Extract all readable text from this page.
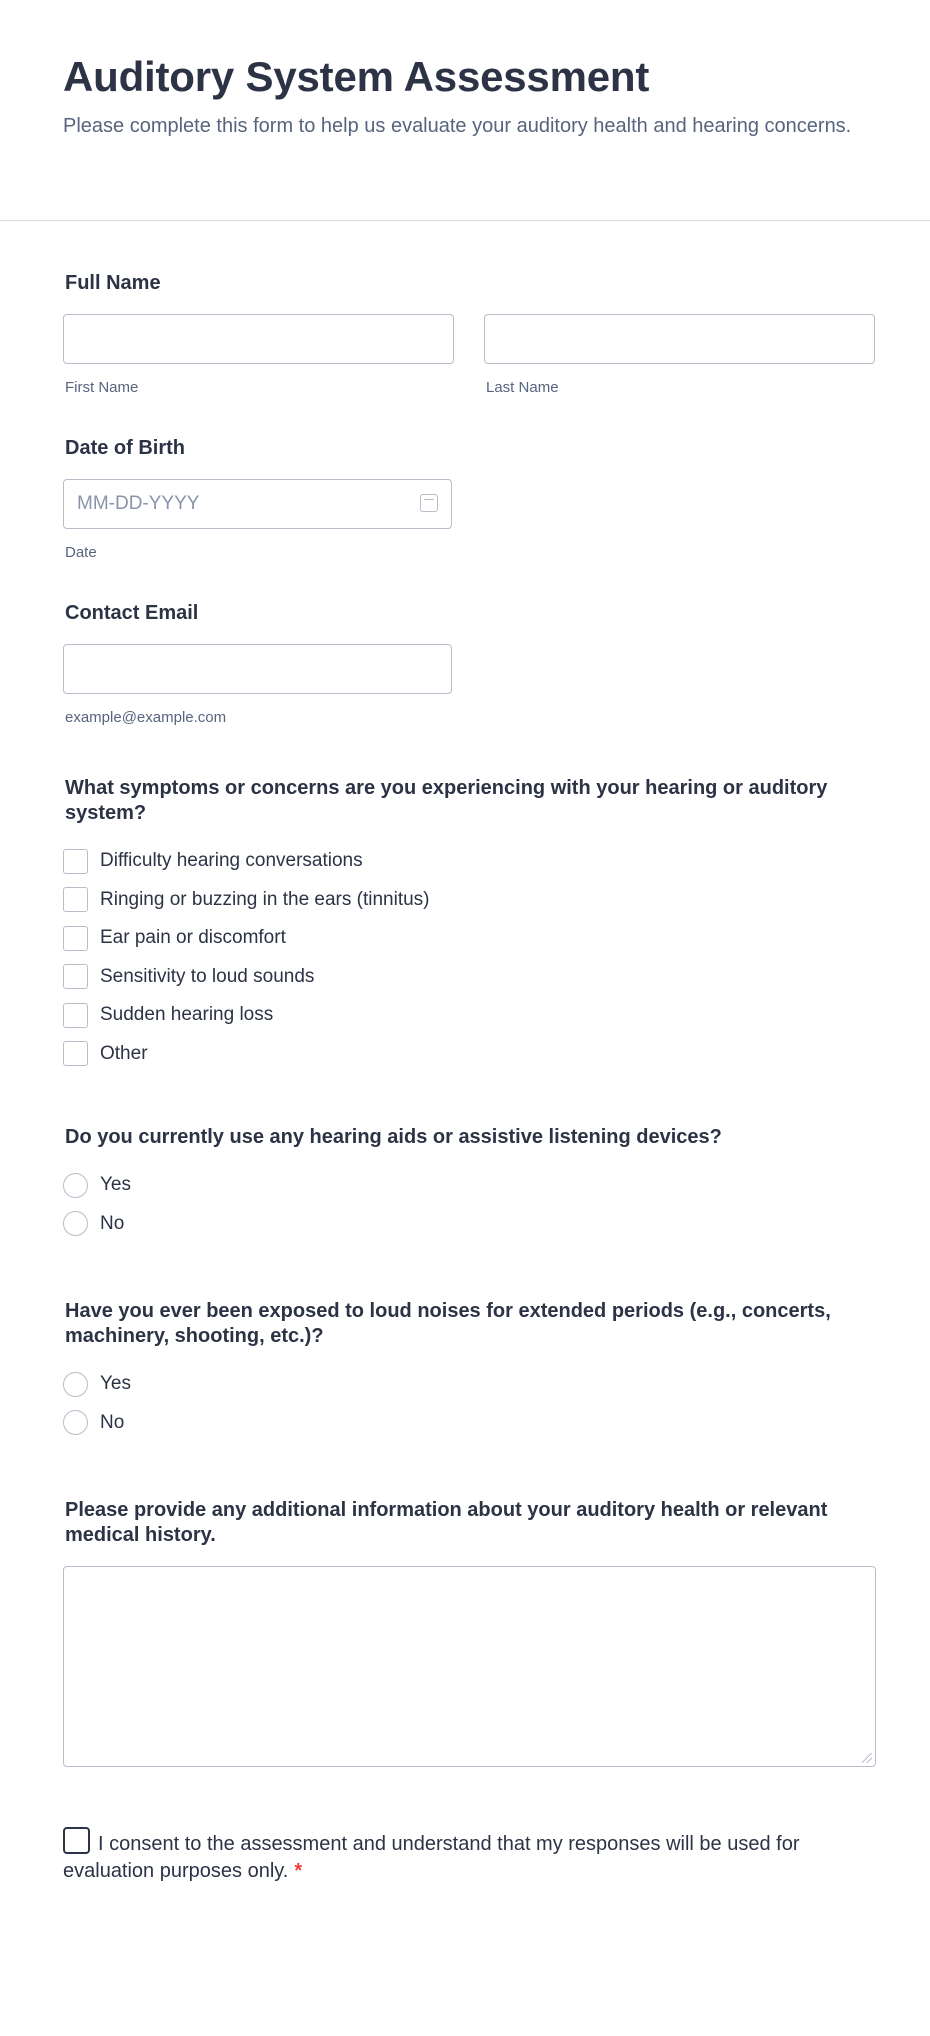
Auditory System Assessment

Please complete this form to help us evaluate your auditory health and hearing concerns.

Full Name
First Name	Last Name
Date of Birth
MM-DD-YYYY
Date
Contact Email
example@example.com
What symptoms or concerns are you experiencing with your hearing or auditory system?
Difficulty hearing conversations
Ringing or buzzing in the ears (tinnitus)
Ear pain or discomfort
Sensitivity to loud sounds
Sudden hearing loss
Other
Do you currently use any hearing aids or assistive listening devices?
Yes
No
Have you ever been exposed to loud noises for extended periods (e.g., concerts, machinery, shooting, etc.)?
Yes
No
Please provide any additional information about your auditory health or relevant medical history.
I consent to the assessment and understand that my responses will be used for evaluation purposes only. *
